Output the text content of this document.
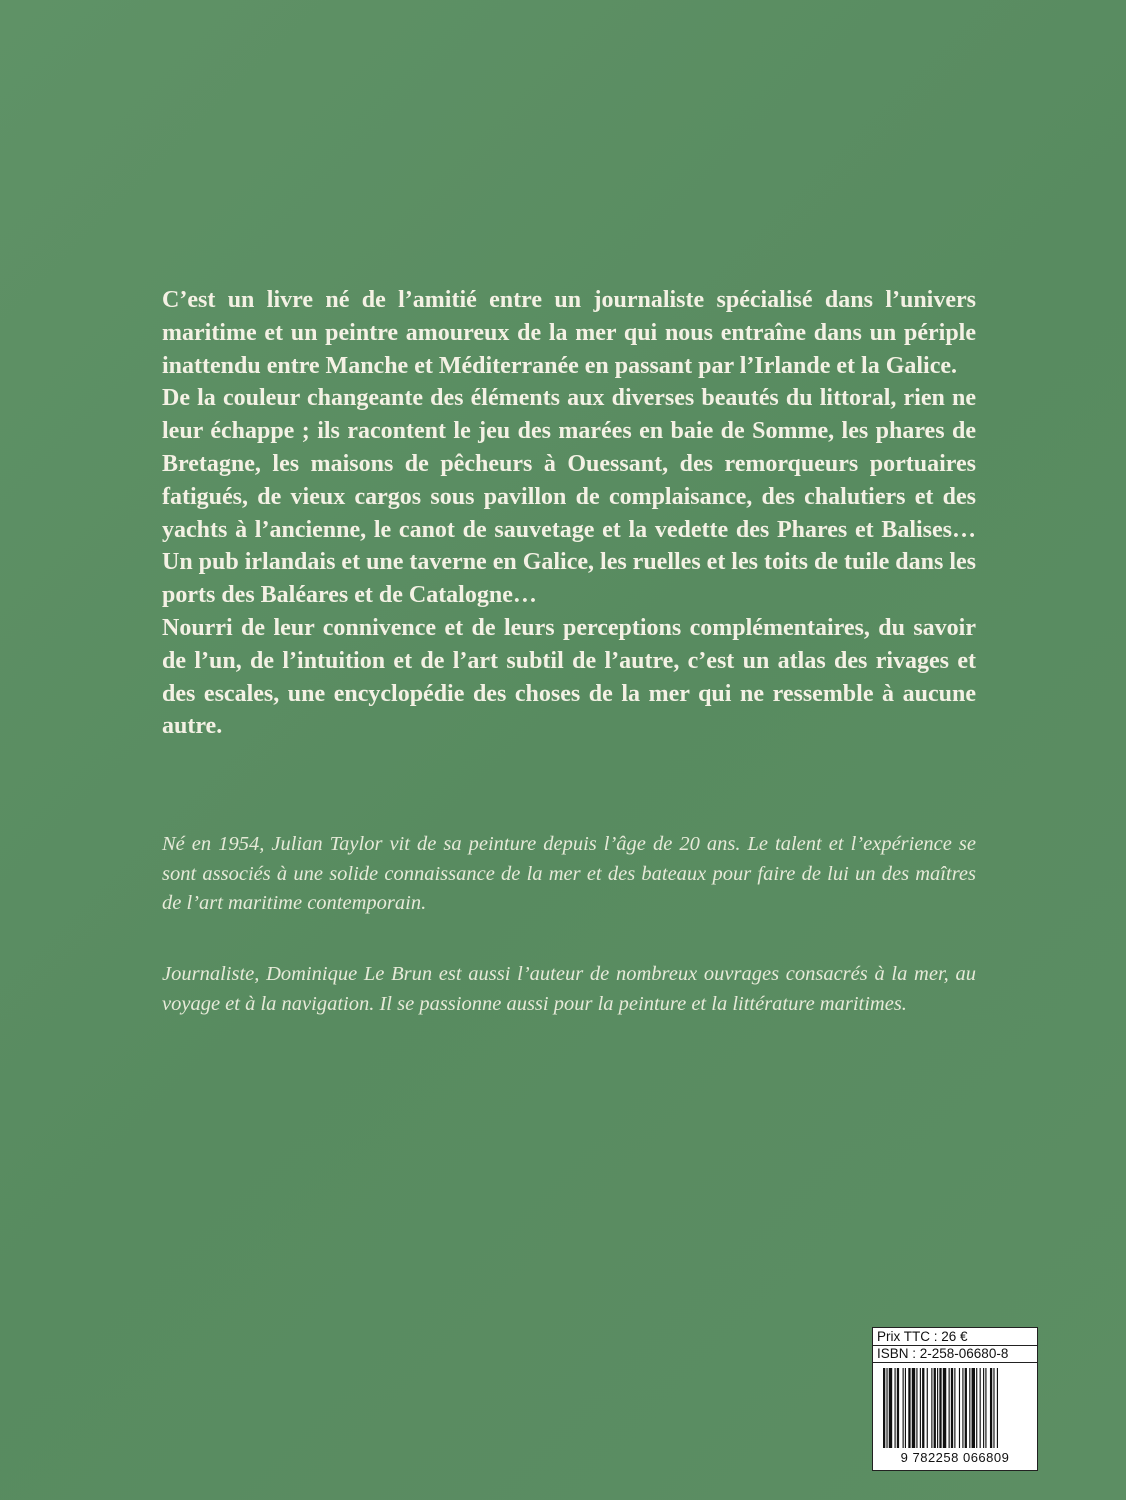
C’est un livre né de l’amitié entre un journaliste spécialisé dans l’univers maritime et un peintre amoureux de la mer qui nous entraîne dans un périple inattendu entre Manche et Méditerranée en passant par l’Irlande et la Galice.

De la couleur changeante des éléments aux diverses beautés du littoral, rien ne leur échappe ; ils racontent le jeu des marées en baie de Somme, les phares de Bretagne, les maisons de pêcheurs à Ouessant, des remorqueurs portuaires fatigués, de vieux cargos sous pavillon de complaisance, des chalutiers et des yachts à l’ancienne, le canot de sauvetage et la vedette des Phares et Balises… Un pub irlandais et une taverne en Galice, les ruelles et les toits de tuile dans les ports des Baléares et de Catalogne…

Nourri de leur connivence et de leurs perceptions complémentaires, du savoir de l’un, de l’intuition et de l’art subtil de l’autre, c’est un atlas des rivages et des escales, une encyclopédie des choses de la mer qui ne ressemble à aucune autre.

Né en 1954, Julian Taylor vit de sa peinture depuis l’âge de 20 ans. Le talent et l’expérience se sont associés à une solide connaissance de la mer et des bateaux pour faire de lui un des maîtres de l’art maritime contemporain.

Journaliste, Dominique Le Brun est aussi l’auteur de nombreux ouvrages consacrés à la mer, au voyage et à la navigation. Il se passionne aussi pour la peinture et la littérature maritimes.

Prix TTC : 26 €
ISBN : 2-258-06680-8
9 782258 066809
